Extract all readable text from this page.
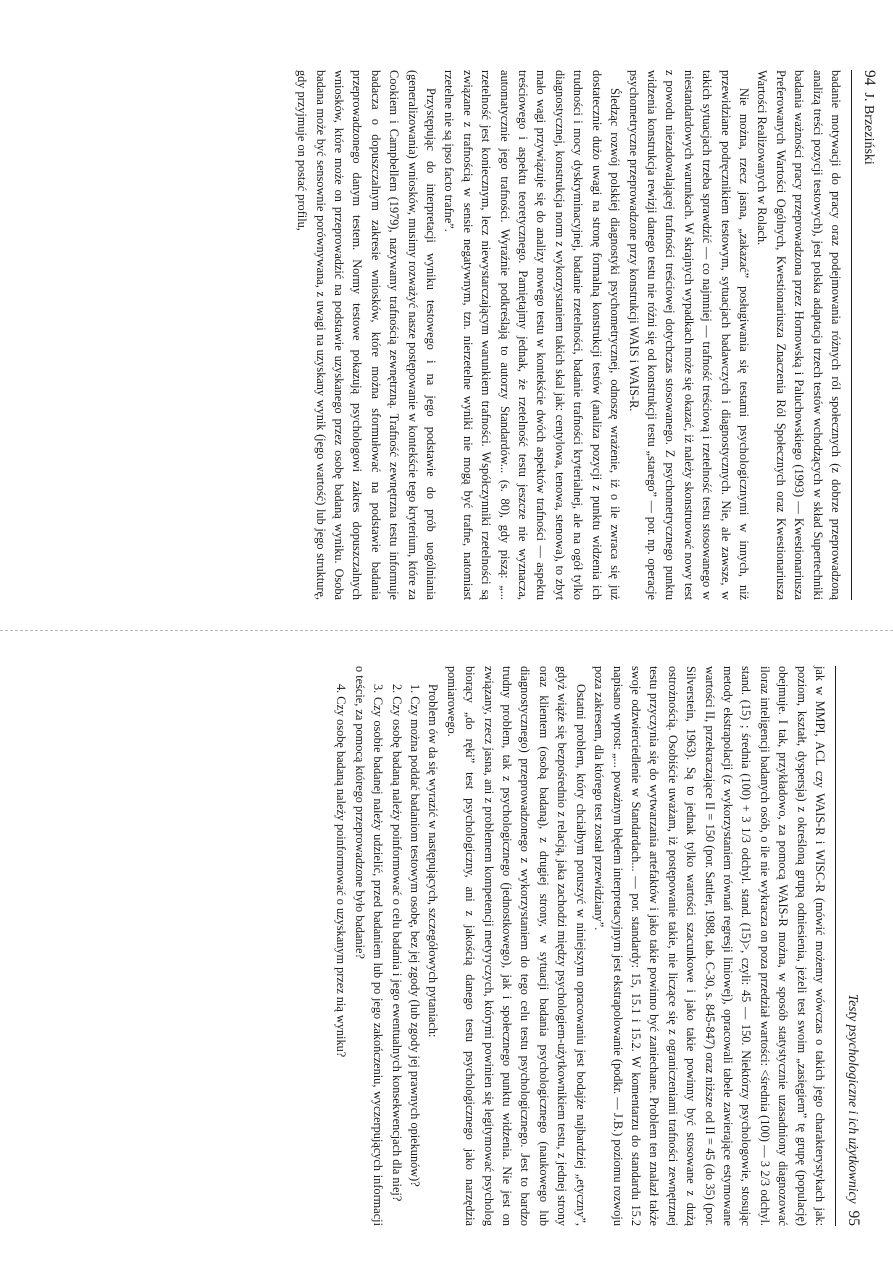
94  J. Brzeziński

badanie motywacji do pracy oraz podejmowania różnych ról społecznych (z dobrze przeprowadzoną analizą treści pozycji testowych), jest polska adaptacja trzech testów wchodzących w skład Supertechniki badania ważności pracy przeprowadzona przez Hornowską i Paluchowskiego (1993) — Kwestionariusza Preferowanych Wartości Ogólnych, Kwestionariusza Znaczenia Ról Społecznych oraz Kwestionariusza Wartości Realizowanych w Rolach.

Nie można, rzecz jasna, „zakazać” posługiwania się testami psychologicznymi w innych, niż przewidziane podręcznikiem testowym, sytuacjach badawczych i diagnostycznych. Nie, ale zawsze, w takich sytuacjach trzeba sprawdzić — co najmniej — trafność treściową i rzetelność testu stosowanego w niestandardowych warunkach. W skrajnych wypadkach może się okazać, iż należy skonstruować nowy test z powodu niezadowalającej trafności treściowej dotychczas stosowanego. Z psychometrycznego punktu widzenia konstrukcja rewizji danego testu nie różni się od konstrukcji testu „starego” — por. np. operacje psychometryczne przeprowadzone przy konstrukcji WAIS i WAIS-R.

Śledząc rozwój polskiej diagnostyki psychometrycznej, odnoszę wrażenie, iż o ile zwraca się już dostatecznie dużo uwagi na stronę formalną konstrukcji testów (analiza pozycji z punktu widzenia ich trudności i mocy dyskryminacyjnej, badanie rzetelności, badanie trafności kryterialnej, ale na ogół tylko diagnostycznej, konstrukcja norm z wykorzystaniem takich skal jak: centylowa, tenowa, stenowa), to zbyt mało wagi przywiązuje się do analizy nowego testu w kontekście dwóch aspektów trafności — aspektu treściowego i aspektu teoretycznego. Pamiętajmy jednak, że rzetelność testu jeszcze nie wyznacza, automatycznie jego trafności. Wyraźnie podkreślają to autorzy Standardów... (s. 80), gdy piszą: „... rzetelność jest koniecznym, lecz niewystarczającym warunkiem trafności. Współczynniki rzetelności są związane z trafnością w sensie negatywnym, tzn. nierzetelne wyniki nie mogą być trafne, natomiast rzetelne nie są ipso facto trafne”.

Przystępując do interpretacji wyniku testowego i na jego podstawie do prób uogólniania (generalizowania) wniosków, musimy rozważyć nasze postępowanie w kontekście tego kryterium, które za Cookiem i Campbellem (1979), nazywamy trafnością zewnętrzną. Trafność zewnętrzna testu informuje badacza o dopuszczalnym zakresie wniosków, które można sformułować na podstawie badania przeprowadzonego danym testem. Normy testowe pokazują psychologowi zakres dopuszczalnych wniosków, które może on przeprowadzić na podstawie uzyskanego przez osobę badaną wyniku. Osoba badana może być sensownie porównywana, z uwagi na uzyskany wynik (jego wartość) lub jego strukturę, gdy przyjmuje on postać profilu,

Testy psychologiczne i ich użytkownicy  95

jak w MMPI, ACL czy WAIS-R i WISC-R (mówić możemy wówczas o takich jego charakterystykach jak: poziom, kształt, dyspersja) z określoną grupą odniesienia, jeżeli test swoim „zasięgiem” tę grupę (populację) obejmuje. I tak, przykładowo, za pomocą WAIS-R można, w sposób statystycznie uzasadniony diagnozować iloraz inteligencji badanych osób, o ile nie wykracza on poza przedział wartości: <średnia (100) — 3 2/3 odchyl. stand. (15) ; średnia (100) + 3 1/3 odchyl. stand. (15)>, czyli: 45 — 150. Niektórzy psychologowie, stosując metody ekstrapolacji (z wykorzystaniem równań regresji liniowej), opracowali tabele zawierające estymowane wartości II, przekraczające II = 150 (por. Sattler, 1988, tab. C-30, s. 845-847) oraz niższe od II = 45 (do 35) (por. Silverstein, 1963). Są to jednak tylko wartości szacunkowe i jako takie powinny być stosowane z dużą ostrożnością. Osobiście uważam, iż postępowanie takie, nie liczące się z ograniczeniami trafności zewnętrznej testu przyczynia się do wytwarzania artefaktów i jako takie powinno być zaniechane. Problem ten znalazł także swoje odzwierciedlenie w Standardach... — por. standardy: 15, 15.1 i 15.2. W komentarzu do standardu 15.2 napisano wprost: „... poważnym błędem interpretacyjnym jest ekstrapolowanie (podkr. — J.B.) poziomu rozwoju poza zakresem, dla którego test został przewidziany”.

Ostatni problem, który chciałbym poruszyć w niniejszym opracowaniu jest bodajże najbardziej „etyczny”, gdyż wiąże się bezpośrednio z relacją, jaka zachodzi między psychologiem-użytkownikiem testu, z jednej strony oraz klientem (osobą badaną), z drugiej strony, w sytuacji badania psychologicznego (naukowego lub diagnostycznego) przeprowadzonego z wykorzystaniem do tego celu testu psychologicznego. Jest to bardzo trudny problem, tak z psychologicznego (jednostkowego), jak i społecznego punktu widzenia. Nie jest on związany, rzecz jasna, ani z problemem kompetencji metyryczych, którymi powinien się legitymować psycholog biorący „do ręki” test psychologiczny, ani z jakością danego testu psychologicznego jako narzędzia pomiarowego.

Problem ów da się wyrazić w następujących, szczegółowych pytaniach:

1. Czy można poddać badaniom testowym osobę, bez jej zgody (lub zgody jej prawnych opiekunów)?

2. Czy osobę badaną należy poinformować o celu badania i jego ewentualnych konsekwencjach dla niej?

3. Czy osobie badanej należy udzielić, przed badaniem lub po jego zakończeniu, wyczerpujących informacji o teście, za pomocą którego przeprowadzone było badanie?

4. Czy osobę badaną należy poinformować o uzyskanym przez nią wyniku?
